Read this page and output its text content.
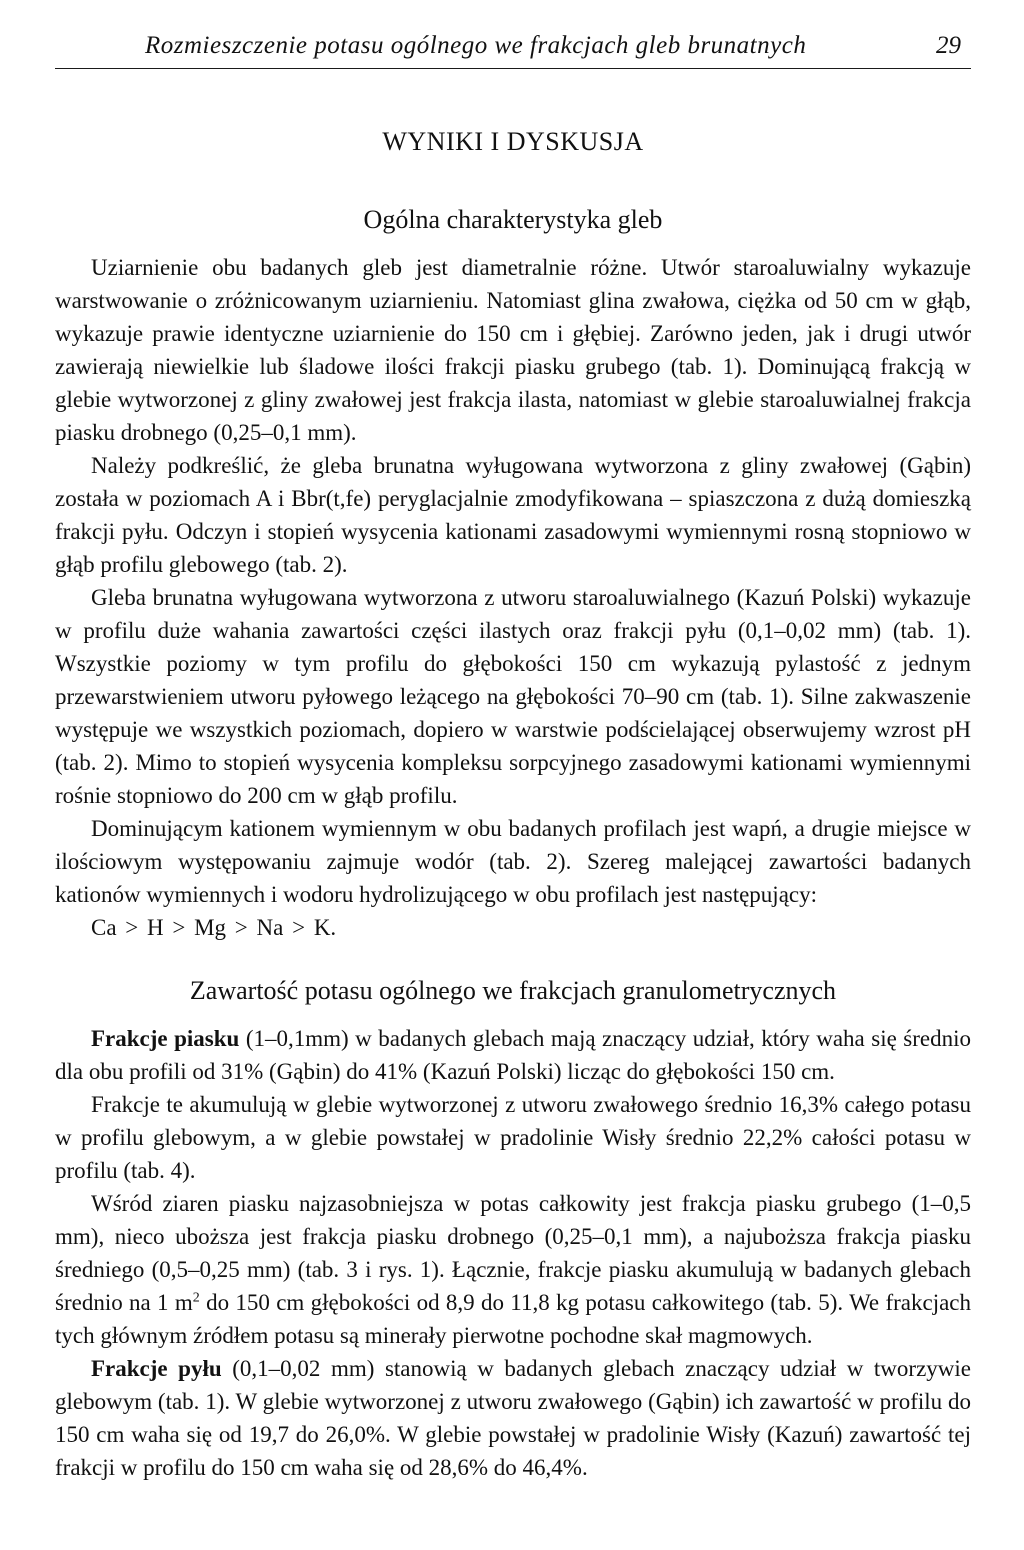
Rozmieszczenie potasu ogólnego we frakcjach gleb brunatnych	29
WYNIKI I DYSKUSJA
Ogólna charakterystyka gleb

Uziarnienie obu badanych gleb jest diametralnie różne. Utwór staroaluwialny wykazuje warstwowanie o zróżnicowanym uziarnieniu. Natomiast glina zwałowa, ciężka od 50 cm w głąb, wykazuje prawie identyczne uziarnienie do 150 cm i głębiej. Zarówno jeden, jak i drugi utwór zawierają niewielkie lub śladowe ilości frakcji piasku grubego (tab. 1). Dominującą frakcją w glebie wytworzonej z gliny zwałowej jest frakcja ilasta, natomiast w glebie staroaluwialnej frakcja piasku drobnego (0,25–0,1 mm).

Należy podkreślić, że gleba brunatna wyługowana wytworzona z gliny zwałowej (Gąbin) została w poziomach A i Bbr(t,fe) peryglacjalnie zmodyfikowana – spiaszczona z dużą domieszką frakcji pyłu. Odczyn i stopień wysycenia kationami zasadowymi wymiennymi rosną stopniowo w głąb profilu glebowego (tab. 2).

Gleba brunatna wyługowana wytworzona z utworu staroaluwialnego (Kazuń Polski) wykazuje w profilu duże wahania zawartości części ilastych oraz frakcji pyłu (0,1–0,02 mm) (tab. 1). Wszystkie poziomy w tym profilu do głębokości 150 cm wykazują pylastość z jednym przewarstwieniem utworu pyłowego leżącego na głębokości 70–90 cm (tab. 1). Silne zakwaszenie występuje we wszystkich poziomach, dopiero w warstwie podścielającej obserwujemy wzrost pH (tab. 2). Mimo to stopień wysycenia kompleksu sorpcyjnego zasadowymi kationami wymiennymi rośnie stopniowo do 200 cm w głąb profilu.

Dominującym kationem wymiennym w obu badanych profilach jest wapń, a drugie miejsce w ilościowym występowaniu zajmuje wodór (tab. 2). Szereg malejącej zawartości badanych kationów wymiennych i wodoru hydrolizującego w obu profilach jest następujący:

Ca > H > Mg > Na > K.

Zawartość potasu ogólnego we frakcjach granulometrycznych

Frakcje piasku (1–0,1mm) w badanych glebach mają znaczący udział, który waha się średnio dla obu profili od 31% (Gąbin) do 41% (Kazuń Polski) licząc do głębokości 150 cm.

Frakcje te akumulują w glebie wytworzonej z utworu zwałowego średnio 16,3% całego potasu w profilu glebowym, a w glebie powstałej w pradolinie Wisły średnio 22,2% całości potasu w profilu (tab. 4).

Wśród ziaren piasku najzasobniejsza w potas całkowity jest frakcja piasku grubego (1–0,5 mm), nieco uboższa jest frakcja piasku drobnego (0,25–0,1 mm), a najuboższa frakcja piasku średniego (0,5–0,25 mm) (tab. 3 i rys. 1). Łącznie, frakcje piasku akumulują w badanych glebach średnio na 1 $m^2$ do 150 cm głębokości od 8,9 do 11,8 kg potasu całkowitego (tab. 5). We frakcjach tych głównym źródłem potasu są minerały pierwotne pochodne skał magmowych.

Frakcje pyłu (0,1–0,02 mm) stanowią w badanych glebach znaczący udział w tworzywie glebowym (tab. 1). W glebie wytworzonej z utworu zwałowego (Gąbin) ich zawartość w profilu do 150 cm waha się od 19,7 do 26,0%. W glebie powstałej w pradolinie Wisły (Kazuń) zawartość tej frakcji w profilu do 150 cm waha się od 28,6% do 46,4%.
